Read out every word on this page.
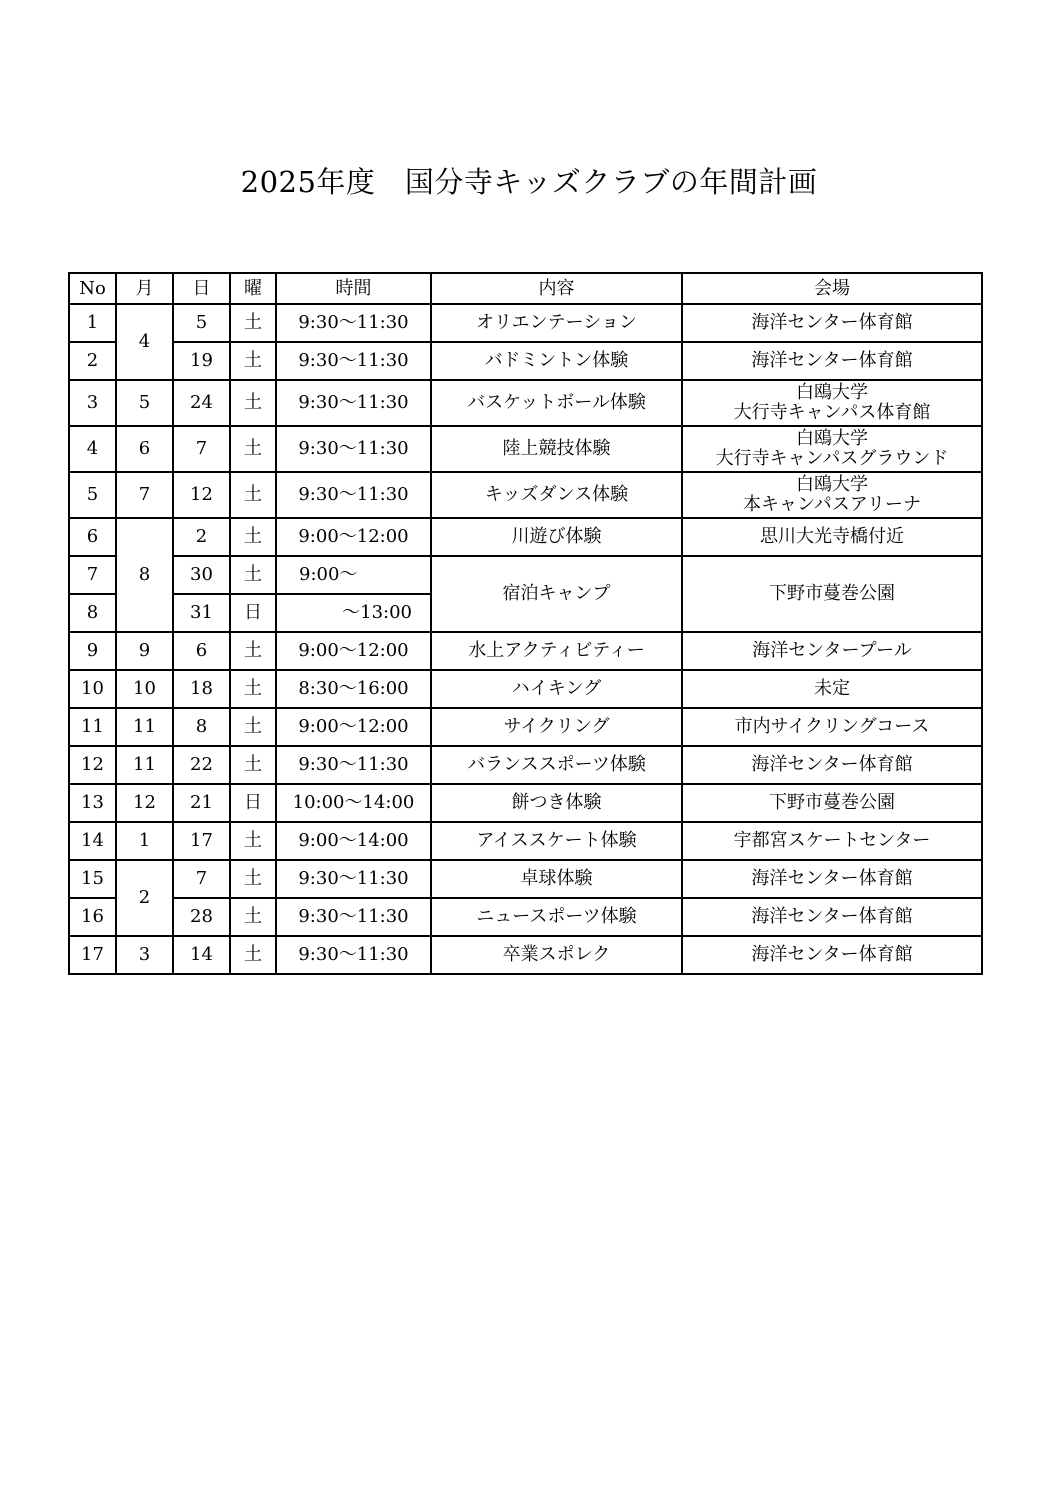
2025年度　国分寺キッズクラブの年間計画
No	月	日	曜	時間	内容	会場
1	4	5	土	9:30〜11:30	オリエンテーション	海洋センター体育館
2		19	土	9:30〜11:30	バドミントン体験	海洋センター体育館
3	5	24	土	9:30〜11:30	バスケットボール体験	白鴎大学
大行寺キャンパス体育館

4	6	7	土	9:30〜11:30	陸上競技体験	白鴎大学
大行寺キャンパスグラウンド

5	7	12	土	9:30〜11:30	キッズダンス体験	白鴎大学
本キャンパスアリーナ

6	8	2	土	9:00〜12:00	川遊び体験	思川大光寺橋付近
7		30	土	9:00〜	宿泊キャンプ	下野市蔓巻公園
8		31	日	〜13:00		
9	9	6	土	9:00〜12:00	水上アクティビティー	海洋センタープール
10	10	18	土	8:30〜16:00	ハイキング	未定
11	11	8	土	9:00〜12:00	サイクリング	市内サイクリングコース
12	11	22	土	9:30〜11:30	バランススポーツ体験	海洋センター体育館
13	12	21	日	10:00〜14:00	餅つき体験	下野市蔓巻公園
14	1	17	土	9:00〜14:00	アイススケート体験	宇都宮スケートセンター
15	2	7	土	9:30〜11:30	卓球体験	海洋センター体育館
16		28	土	9:30〜11:30	ニュースポーツ体験	海洋センター体育館
17	3	14	土	9:30〜11:30	卒業スポレク	海洋センター体育館
